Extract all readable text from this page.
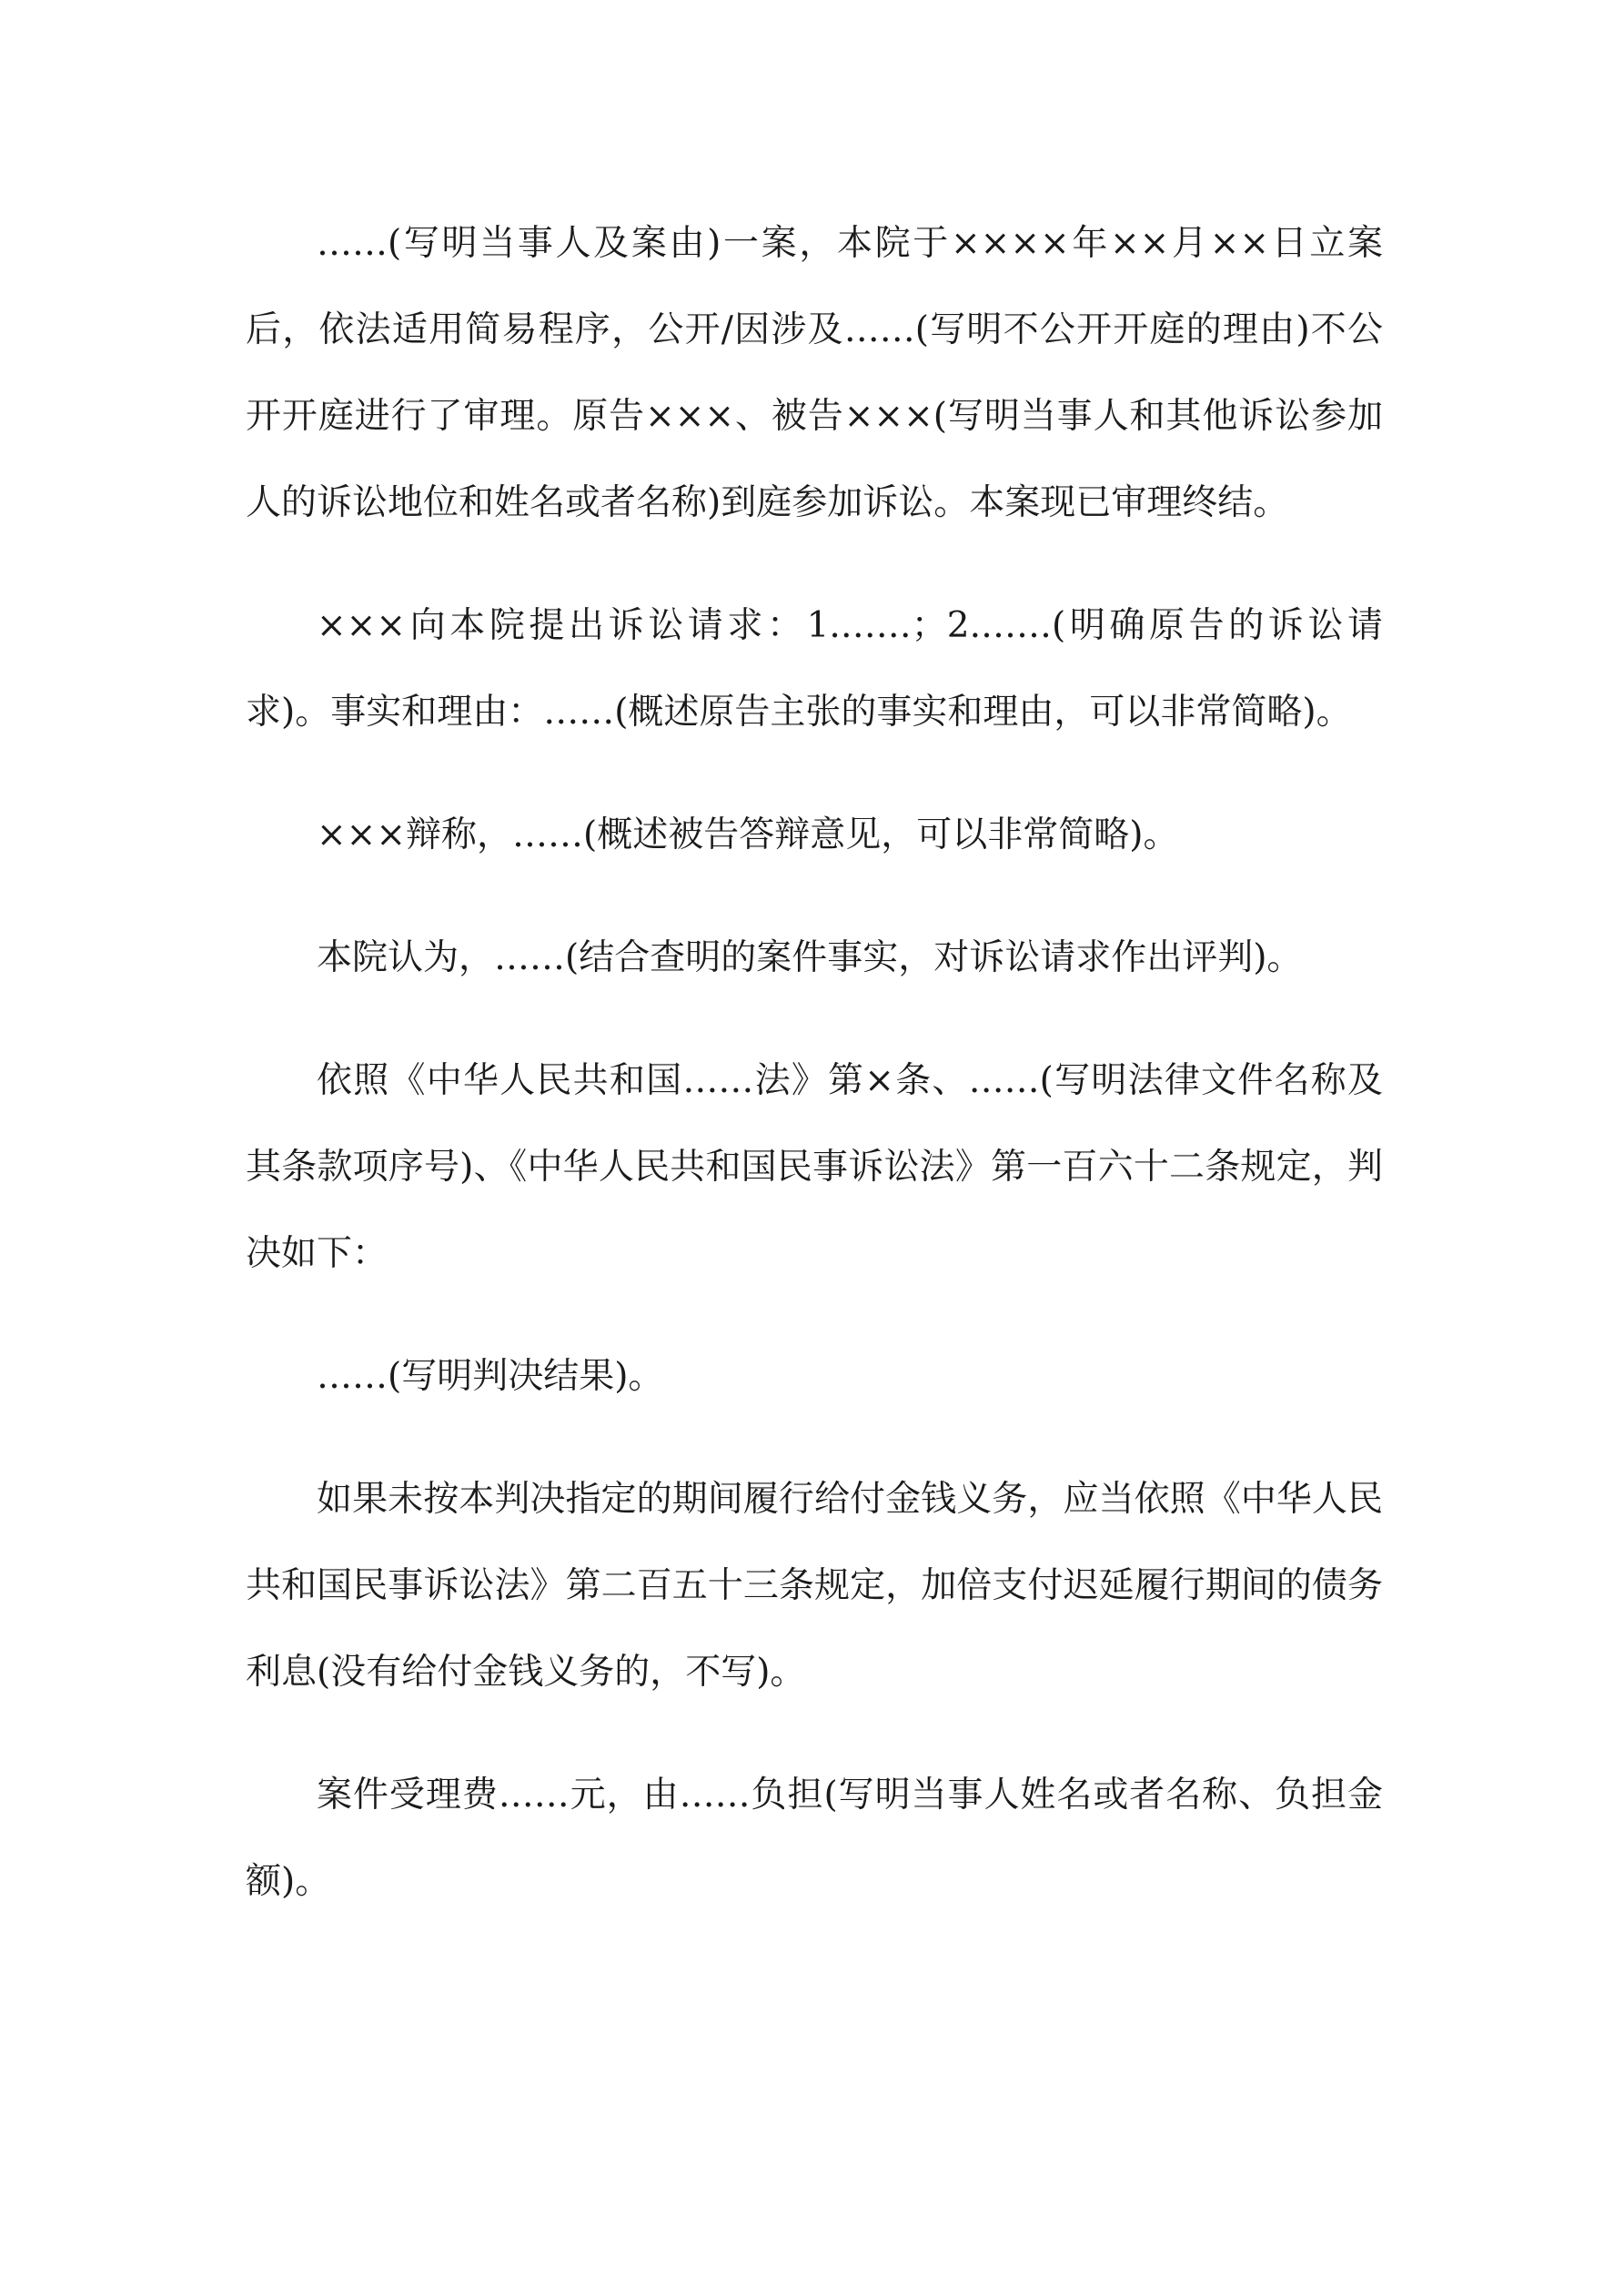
……(写明当事人及案由)一案，本院于××××年××月××日立案后，依法适用简易程序，公开/因涉及……(写明不公开开庭的理由)不公开开庭进行了审理。原告×××、被告×××(写明当事人和其他诉讼参加人的诉讼地位和姓名或者名称)到庭参加诉讼。本案现已审理终结。

×××向本院提出诉讼请求：1.……；2.……(明确原告的诉讼请求)。事实和理由：……(概述原告主张的事实和理由，可以非常简略)。

×××辩称，……(概述被告答辩意见，可以非常简略)。

本院认为，……(结合查明的案件事实，对诉讼请求作出评判)。

依照《中华人民共和国……法》第×条、……(写明法律文件名称及其条款项序号)、《中华人民共和国民事诉讼法》第一百六十二条规定，判决如下：

……(写明判决结果)。

如果未按本判决指定的期间履行给付金钱义务，应当依照《中华人民共和国民事诉讼法》第二百五十三条规定，加倍支付迟延履行期间的债务利息(没有给付金钱义务的，不写)。

案件受理费……元，由……负担(写明当事人姓名或者名称、负担金额)。
